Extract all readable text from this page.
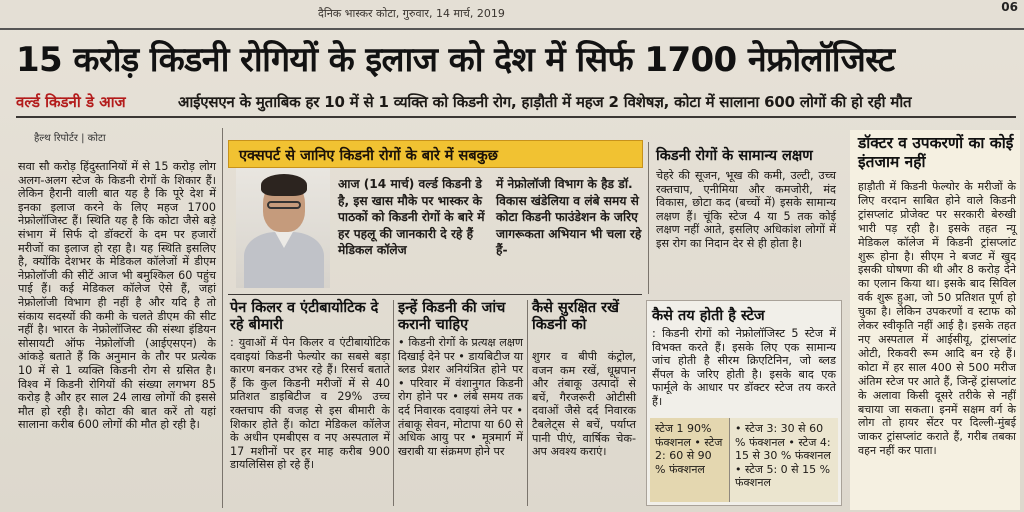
दैनिक भास्कर कोटा, गुरुवार, 14 मार्च, 2019	06
15 करोड़ किडनी रोगियों के इलाज को देश में सिर्फ 1700 नेफ्रोलॉजिस्ट
वर्ल्ड किडनी डे आज	आईएसएन के मुताबिक हर 10 में से 1 व्यक्ति को किडनी रोग, हाड़ौती में महज 2 विशेषज्ञ, कोटा में सालाना 600 लोगों की हो रही मौत
हैल्थ रिपोर्टर | कोटा
सवा सौ करोड़ हिंदुस्तानियों में से 15 करोड़ लोग अलग-अलग स्टेज के किडनी रोगों के शिकार हैं। लेकिन हैरानी वाली बात यह है कि पूरे देश में इनका इलाज करने के लिए महज 1700 नेफ्रोलॉजिस्ट हैं। स्थिति यह है कि कोटा जैसे बड़े संभाग में सिर्फ दो डॉक्टरों के दम पर हजारों मरीजों का इलाज हो रहा है। यह स्थिति इसलिए है, क्योंकि देशभर के मेडिकल कॉलेजों में डीएम नेफ्रोलॉजी की सीटें आज भी बमुश्किल 60 पहुंच पाई हैं। कई मेडिकल कॉलेज ऐसे हैं, जहां नेफ्रोलॉजी विभाग ही नहीं है और यदि है तो संकाय सदस्यों की कमी के चलते डीएम की सीट नहीं है। भारत के नेफ्रोलॉजिस्ट की संस्था इंडियन सोसायटी ऑफ नेफ्रोलॉजी (आईएसएन) के आंकड़े बताते हैं कि अनुमान के तौर पर प्रत्येक 10 में से 1 व्यक्ति किडनी रोग से ग्रसित है। विश्व में किडनी रोगियों की संख्या लगभग 85 करोड़ है और हर साल 24 लाख लोगों की इससे मौत हो रही है। कोटा की बात करें तो यहां सालाना करीब 600 लोगों की मौत हो रही है।
एक्सपर्ट से जानिए किडनी रोगों के बारे में सबकुछ
आज (14 मार्च) वर्ल्ड किडनी डे है, इस खास मौके पर भास्कर के पाठकों को किडनी रोगों के बारे में हर पहलू की जानकारी दे रहे हैं मेडिकल कॉलेज
में नेफ्रोलॉजी विभाग के हैड डॉ. विकास खंडेलिया व लंबे समय से कोटा किडनी फाउंडेशन के जरिए जागरूकता अभियान भी चला रहे हैं-
पेन किलर व एंटीबायोटिक दे रहे बीमारी
: युवाओं में पेन किलर व एंटीबायोटिक दवाइयां किडनी फेल्योर का सबसे बड़ा कारण बनकर उभर रहे हैं। रिसर्च बताते हैं कि कुल किडनी मरीजों में से 40 प्रतिशत डाइबिटीज व 29% उच्च रक्तचाप की वजह से इस बीमारी के शिकार होते हैं। कोटा मेडिकल कॉलेज के अधीन एमबीएस व नए अस्पताल में 17 मशीनों पर हर माह करीब 900 डायलिसिस हो रहे हैं।
इन्हें किडनी की जांच करानी चाहिए
• किडनी रोगों के प्रत्यक्ष लक्षण दिखाई देने पर • डायबिटीज या ब्लड प्रेशर अनियंत्रित होने पर • परिवार में वंशानुगत किडनी रोग होने पर • लंबे समय तक दर्द निवारक दवाइयां लेने पर • तंबाकू सेवन, मोटापा या 60 से अधिक आयु पर • मूत्रमार्ग में खराबी या संक्रमण होने पर
कैसे सुरक्षित रखें किडनी को
शुगर व बीपी कंट्रोल, वजन कम रखें, धूम्रपान और तंबाकू उत्पादों से बचें, गैरजरूरी ओटीसी दवाओं जैसे दर्द निवारक टैबलेट्स से बचें, पर्याप्त पानी पीएं, वार्षिक चेक-अप अवश्य कराएं।
किडनी रोगों के सामान्य लक्षण
चेहरे की सूजन, भूख की कमी, उल्टी, उच्च रक्तचाप, एनीमिया और कमजोरी, मंद विकास, छोटा कद (बच्चों में) इसके सामान्य लक्षण हैं। चूंकि स्टेज 4 या 5 तक कोई लक्षण नहीं आते, इसलिए अधिकांश लोगों में इस रोग का निदान देर से ही होता है।
कैसे तय होती है स्टेज
: किडनी रोगों को नेफ्रोलॉजिस्ट 5 स्टेज में विभक्त करते हैं। इसके लिए एक सामान्य जांच होती है सीरम क्रिएटिनिन, जो ब्लड सैंपल के जरिए होती है। इसके बाद एक फार्मूले के आधार पर डॉक्टर स्टेज तय करते हैं।
स्टेज 1 90% फंक्शनल • स्टेज 2: 60 से 90 % फंक्शनल
• स्टेज 3: 30 से 60 % फंक्शनल • स्टेज 4: 15 से 30 % फंक्शनल • स्टेज 5: 0 से 15 % फंक्शनल
डॉक्टर व उपकरणों का कोई इंतजाम नहीं
हाड़ौती में किडनी फेल्योर के मरीजों के लिए वरदान साबित होने वाले किडनी ट्रांसप्लांट प्रोजेक्ट पर सरकारी बेरुखी भारी पड़ रही है। इसके तहत न्यू मेडिकल कॉलेज में किडनी ट्रांसप्लांट शुरू होना है। सीएम ने बजट में खुद इसकी घोषणा की थी और 8 करोड़ देने का एलान किया था। इसके बाद सिविल वर्क शुरू हुआ, जो 50 प्रतिशत पूर्ण हो चुका है। लेकिन उपकरणों व स्टाफ को लेकर स्वीकृति नहीं आई है। इसके तहत नए अस्पताल में आईसीयू, ट्रांसप्लांट ओटी, रिकवरी रूम आदि बन रहे हैं। कोटा में हर साल 400 से 500 मरीज अंतिम स्टेज पर आते हैं, जिन्हें ट्रांसप्लांट के अलावा किसी दूसरे तरीके से नहीं बचाया जा सकता। इनमें सक्षम वर्ग के लोग तो हायर सेंटर पर दिल्ली-मुंबई जाकर ट्रांसप्लांट कराते हैं, गरीब तबका वहन नहीं कर पाता।
